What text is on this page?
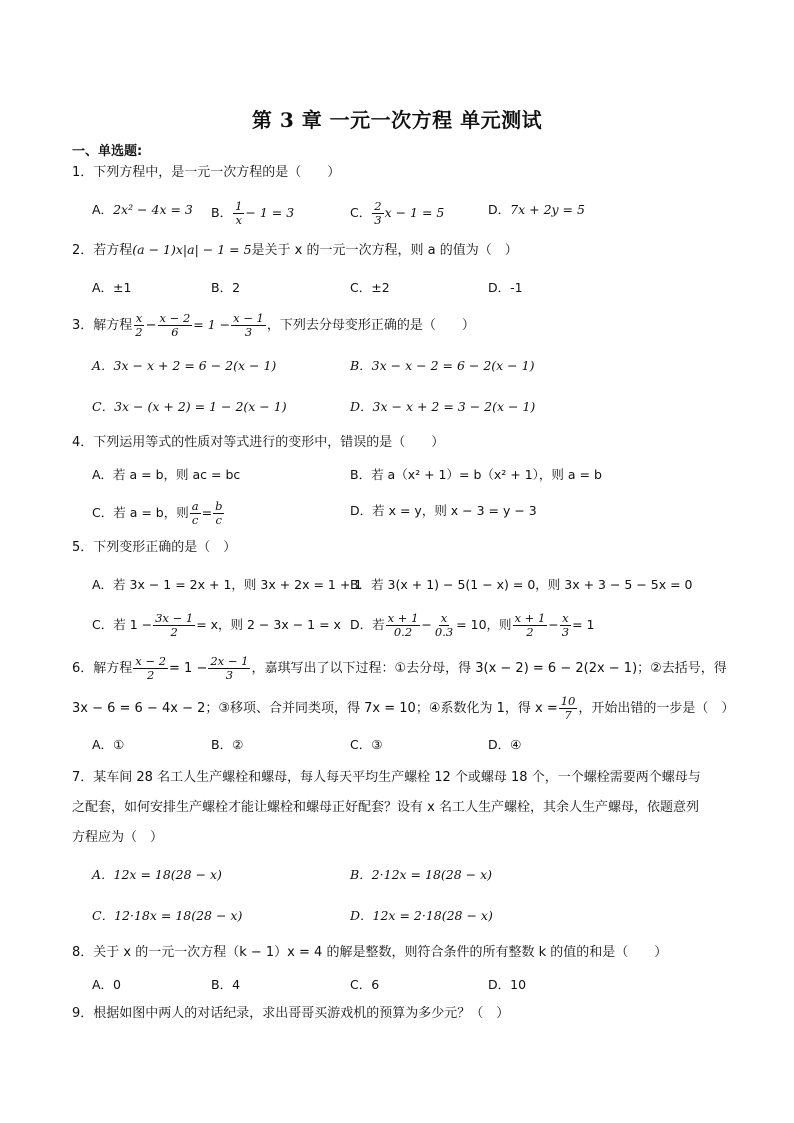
第 3 章 一元一次方程 单元测试
一、单选题:
1．下列方程中，是一元一次方程的是（　　）
A．2x² − 4x = 3 B． $\frac{1}{x} - 1 = 3$	C． $\frac{2}{3}$ x − 1 = 5	D．7x + 2y = 5
2．若方程(a − 1)x|a| − 1 = 5是关于 x 的一元一次方程，则 a 的值为（　）
A．±1	B．2	C．±2	D．-1
3．解方程 $\frac{x}{2} - \frac{x - 2}{6} = 1 - \frac{x - 1}{3}$ ，下列去分母变形正确的是（　　）
A．3x − x + 2 = 6 − 2(x − 1)	B．3x − x − 2 = 6 − 2(x − 1)
C．3x − (x + 2) = 1 − 2(x − 1)	D．3x − x + 2 = 3 − 2(x − 1)
4．下列运用等式的性质对等式进行的变形中，错误的是（　　）
A．若 a = b，则 ac = bc	B．若 a（x² + 1）= b（x² + 1），则 a = b
C．若 a = b，则 $\frac{a}{c} = \frac{b}{c}$	D．若 x = y，则 x − 3 = y − 3
5．下列变形正确的是（　）
A．若 3x − 1 = 2x + 1，则 3x + 2x = 1 + 1
B．若 3(x + 1) − 5(1 − x) = 0，则 3x + 3 − 5 − 5x = 0
C．若 $1 - \frac{3x - 1}{2} = x$，则 2 − 3x − 1 = x D．若 $\frac{x + 1}{0.2} - \frac{x}{0.3} = 10$，则 $\frac{x + 1}{2} - \frac{x}{3} = 1$
6．解方程 $\frac{x - 2}{2} = 1 - \frac{2x - 1}{3}$ ，嘉琪写出了以下过程：①去分母，得 3(x − 2) = 6 − 2(2x − 1)；②去括号，得
3x − 6 = 6 − 4x − 2；③移项、合并同类项，得 7x = 10；④系数化为 1，得 $x = \frac{10}{7}$ ，开始出错的一步是（　）
A．①	B．②	C．③	D．④
7．某车间 28 名工人生产螺栓和螺母，每人每天平均生产螺栓 12 个或螺母 18 个，一个螺栓需要两个螺母与之配套，如何安排生产螺栓才能让螺栓和螺母正好配套？设有 x 名工人生产螺栓，其余人生产螺母，依题意列方程应为（　）
A．12x = 18(28 − x)	B．2·12x = 18(28 − x)
C．12·18x = 18(28 − x)	D．12x = 2·18(28 − x)
8．关于 x 的一元一次方程（k − 1）x = 4 的解是整数，则符合条件的所有整数 k 的值的和是（　　）
A．0	B．4	C．6	D．10
9．根据如图中两人的对话纪录，求出哥哥买游戏机的预算为多少元？（　）
